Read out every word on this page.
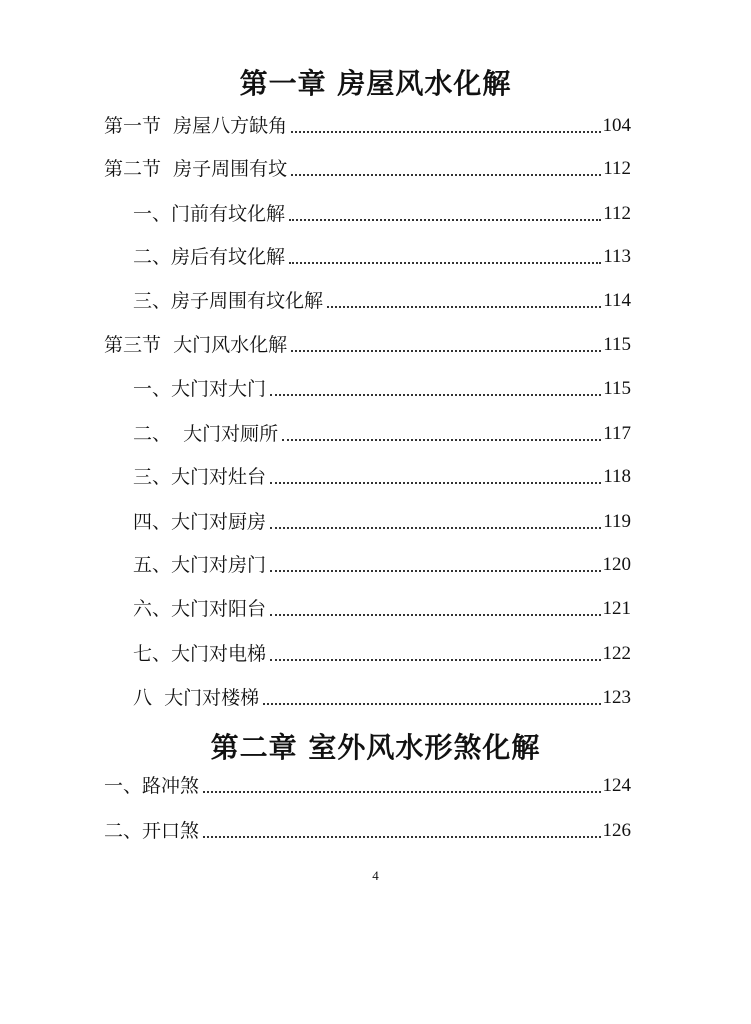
第一章 房屋风水化解
第一节  房屋八方缺角	104
第二节  房子周围有坟	112
一、门前有坟化解	112
二、房后有坟化解	113
三、房子周围有坟化解	114
第三节  大门风水化解	115
一、大门对大门	115
二、  大门对厕所	117
三、大门对灶台	118
四、大门对厨房	119
五、大门对房门	120
六、大门对阳台	121
七、大门对电梯	122
八  大门对楼梯	123
第二章 室外风水形煞化解
一、路冲煞	124
二、开口煞	126
4
